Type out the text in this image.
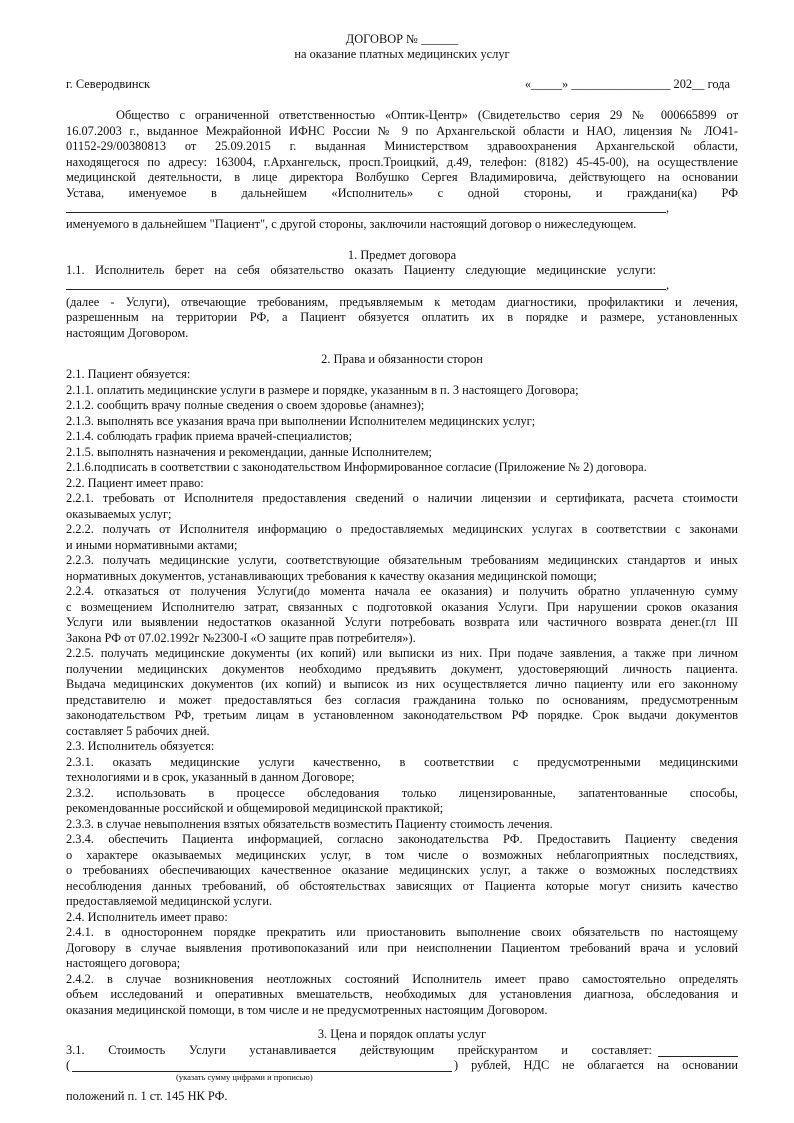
ДОГОВОР № ______
на оказание платных медицинских услуг
г. Северодвинск	«_____» ________________ 202__ года
Общество с ограниченной ответственностью «Оптик-Центр» (Свидетельство серия 29 № 000665899 от
16.07.2003 г., выданное Межрайонной ИФНС России № 9 по Архангельской области и НАО, лицензия № ЛО41-
01152-29/00380813 от 25.09.2015 г. выданная Министерством здравоохранения Архангельской области,
находящегося по адресу: 163004, г.Архангельск, просп.Троицкий, д.49, телефон: (8182) 45-45-00), на осуществление
медицинской деятельности, в лице директора Волбушко Сергея Владимировича, действующего на основании
Устава, именуемое в дальнейшем «Исполнитель» с одной стороны, и граждани(ка) РФ
,
именуемого в дальнейшем "Пациент", с другой стороны, заключили настоящий договор о нижеследующем.
1. Предмет договора
1.1. Исполнитель берет на себя обязательство оказать Пациенту следующие медицинские услуги:
,
(далее - Услуги), отвечающие требованиям, предъявляемым к методам диагностики, профилактики и лечения,
разрешенным на территории РФ, а Пациент обязуется оплатить их в порядке и размере, установленных
настоящим Договором.
2. Права и обязанности сторон
2.1. Пациент обязуется:
2.1.1. оплатить медицинские услуги в размере и порядке, указанным в п. 3 настоящего Договора;
2.1.2. сообщить врачу полные сведения о своем здоровье (анамнез);
2.1.3. выполнять все указания врача при выполнении Исполнителем медицинских услуг;
2.1.4. соблюдать график приема врачей-специалистов;
2.1.5. выполнять назначения и рекомендации, данные Исполнителем;
2.1.6.подписать в соответствии с законодательством Информированное согласие (Приложение № 2) договора.
2.2. Пациент имеет право:
2.2.1. требовать от Исполнителя предоставления сведений о наличии лицензии и сертификата, расчета стоимости
оказываемых услуг;
2.2.2. получать от Исполнителя информацию о предоставляемых медицинских услугах в соответствии с законами
и иными нормативными актами;
2.2.3. получать медицинские услуги, соответствующие обязательным требованиям медицинских стандартов и иных
нормативных документов, устанавливающих требования к качеству оказания медицинской помощи;
2.2.4. отказаться от получения Услуги(до момента начала ее оказания) и получить обратно уплаченную сумму
с возмещением Исполнителю затрат, связанных с подготовкой оказания Услуги. При нарушении сроков оказания
Услуги или выявлении недостатков оказанной Услуги потребовать возврата или частичного возврата денег.(гл III
Закона РФ от 07.02.1992г №2300-I «О защите прав потребителя»).
2.2.5. получать медицинские документы (их копий) или выписки из них. При подаче заявления, а также при личном
получении медицинских документов необходимо предъявить документ, удостоверяющий личность пациента.
Выдача медицинских документов (их копий) и выписок из них осуществляется лично пациенту или его законному
представителю и может предоставляться без согласия гражданина только по основаниям, предусмотренным
законодательством РФ, третьим лицам в установленном законодательством РФ порядке. Срок выдачи документов
составляет 5 рабочих дней.
2.3. Исполнитель обязуется:
2.3.1. оказать медицинские услуги качественно, в соответствии с предусмотренными медицинскими
технологиями и в срок, указанный в данном Договоре;
2.3.2. использовать в процессе обследования только лицензированные, запатентованные способы,
рекомендованные российской и общемировой медицинской практикой;
2.3.3. в случае невыполнения взятых обязательств возместить Пациенту стоимость лечения.
2.3.4. обеспечить Пациента информацией, согласно законодательства РФ. Предоставить Пациенту сведения
о характере оказываемых медицинских услуг, в том числе о возможных неблагоприятных последствиях,
о требованиях обеспечивающих качественное оказание медицинских услуг, а также о возможных последствиях
несоблюдения данных требований, об обстоятельствах зависящих от Пациента которые могут снизить качество
предоставляемой медицинской услуги.
2.4. Исполнитель имеет право:
2.4.1. в одностороннем порядке прекратить или приостановить выполнение своих обязательств по настоящему
Договору в случае выявления противопоказаний или при неисполнении Пациентом требований врача и условий
настоящего договора;
2.4.2. в случае возникновения неотложных состояний Исполнитель имеет право самостоятельно определять
объем исследований и оперативных вмешательств, необходимых для установления диагноза, обследования и
оказания медицинской помощи, в том числе и не предусмотренных настоящим Договором.
3. Цена и порядок оплаты услуг
3.1. Стоимость Услуги устанавливается действующим прейскурантом и составляет:
(	) рублей, НДС не облагается на основании
(указать сумму цифрами и прописью)
положений п. 1 ст. 145 НК РФ.
